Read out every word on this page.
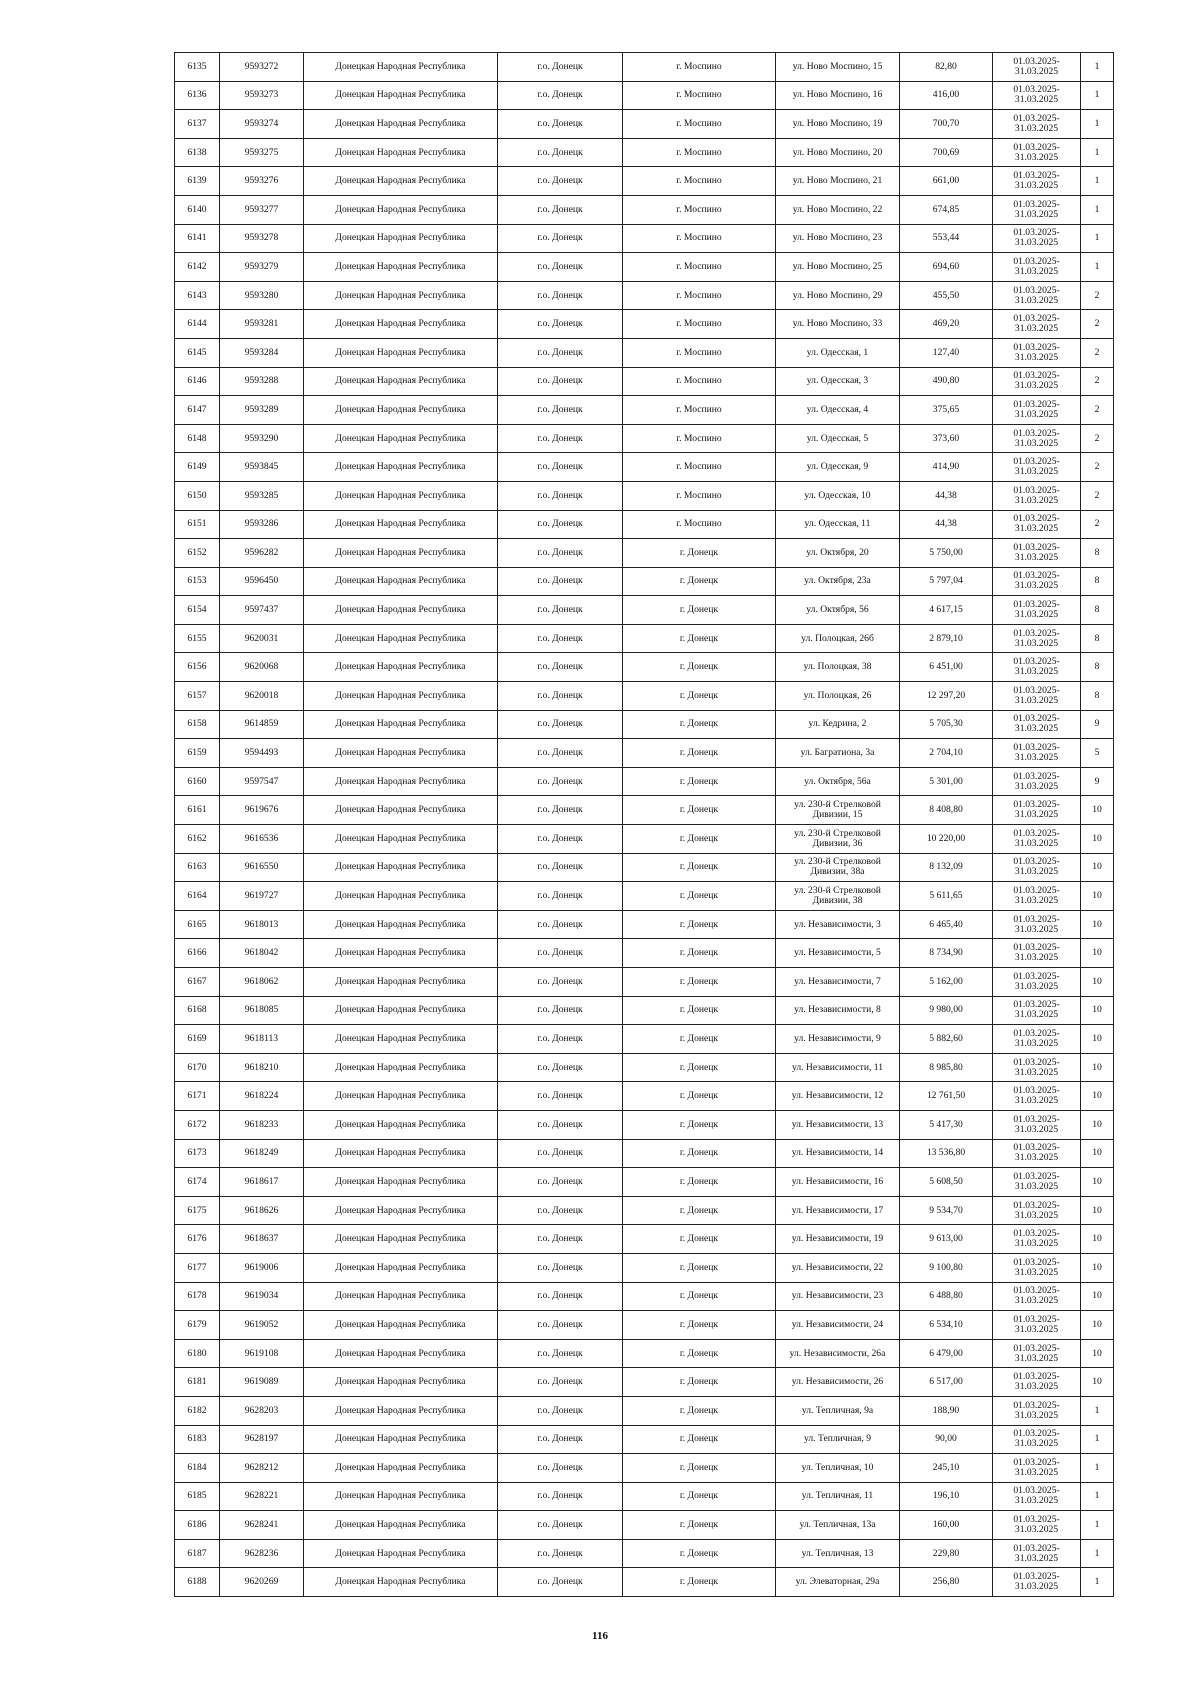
6135	9593272	Донецкая Народная Республика	г.о. Донецк	г. Моспино	ул. Ново Моспино, 15	82,80	01.03.2025- 31.03.2025	1
6136	9593273	Донецкая Народная Республика	г.о. Донецк	г. Моспино	ул. Ново Моспино, 16	416,00	01.03.2025- 31.03.2025	1
6137	9593274	Донецкая Народная Республика	г.о. Донецк	г. Моспино	ул. Ново Моспино, 19	700,70	01.03.2025- 31.03.2025	1
6138	9593275	Донецкая Народная Республика	г.о. Донецк	г. Моспино	ул. Ново Моспино, 20	700,69	01.03.2025- 31.03.2025	1
6139	9593276	Донецкая Народная Республика	г.о. Донецк	г. Моспино	ул. Ново Моспино, 21	661,00	01.03.2025- 31.03.2025	1
6140	9593277	Донецкая Народная Республика	г.о. Донецк	г. Моспино	ул. Ново Моспино, 22	674,85	01.03.2025- 31.03.2025	1
6141	9593278	Донецкая Народная Республика	г.о. Донецк	г. Моспино	ул. Ново Моспино, 23	553,44	01.03.2025- 31.03.2025	1
6142	9593279	Донецкая Народная Республика	г.о. Донецк	г. Моспино	ул. Ново Моспино, 25	694,60	01.03.2025- 31.03.2025	1
6143	9593280	Донецкая Народная Республика	г.о. Донецк	г. Моспино	ул. Ново Моспино, 29	455,50	01.03.2025- 31.03.2025	2
6144	9593281	Донецкая Народная Республика	г.о. Донецк	г. Моспино	ул. Ново Моспино, 33	469,20	01.03.2025- 31.03.2025	2
6145	9593284	Донецкая Народная Республика	г.о. Донецк	г. Моспино	ул. Одесская, 1	127,40	01.03.2025- 31.03.2025	2
6146	9593288	Донецкая Народная Республика	г.о. Донецк	г. Моспино	ул. Одесская, 3	490,80	01.03.2025- 31.03.2025	2
6147	9593289	Донецкая Народная Республика	г.о. Донецк	г. Моспино	ул. Одесская, 4	375,65	01.03.2025- 31.03.2025	2
6148	9593290	Донецкая Народная Республика	г.о. Донецк	г. Моспино	ул. Одесская, 5	373,60	01.03.2025- 31.03.2025	2
6149	9593845	Донецкая Народная Республика	г.о. Донецк	г. Моспино	ул. Одесская, 9	414,90	01.03.2025- 31.03.2025	2
6150	9593285	Донецкая Народная Республика	г.о. Донецк	г. Моспино	ул. Одесская, 10	44,38	01.03.2025- 31.03.2025	2
6151	9593286	Донецкая Народная Республика	г.о. Донецк	г. Моспино	ул. Одесская, 11	44,38	01.03.2025- 31.03.2025	2
6152	9596282	Донецкая Народная Республика	г.о. Донецк	г. Донецк	ул. Октября, 20	5 750,00	01.03.2025- 31.03.2025	8
6153	9596450	Донецкая Народная Республика	г.о. Донецк	г. Донецк	ул. Октября, 23а	5 797,04	01.03.2025- 31.03.2025	8
6154	9597437	Донецкая Народная Республика	г.о. Донецк	г. Донецк	ул. Октября, 56	4 617,15	01.03.2025- 31.03.2025	8
6155	9620031	Донецкая Народная Республика	г.о. Донецк	г. Донецк	ул. Полоцкая, 26б	2 879,10	01.03.2025- 31.03.2025	8
6156	9620068	Донецкая Народная Республика	г.о. Донецк	г. Донецк	ул. Полоцкая, 38	6 451,00	01.03.2025- 31.03.2025	8
6157	9620018	Донецкая Народная Республика	г.о. Донецк	г. Донецк	ул. Полоцкая, 26	12 297,20	01.03.2025- 31.03.2025	8
6158	9614859	Донецкая Народная Республика	г.о. Донецк	г. Донецк	ул. Кедрина, 2	5 705,30	01.03.2025- 31.03.2025	9
6159	9594493	Донецкая Народная Республика	г.о. Донецк	г. Донецк	ул. Багратиона, 3а	2 704,10	01.03.2025- 31.03.2025	5
6160	9597547	Донецкая Народная Республика	г.о. Донецк	г. Донецк	ул. Октября, 56а	5 301,00	01.03.2025- 31.03.2025	9
6161	9619676	Донецкая Народная Республика	г.о. Донецк	г. Донецк	ул. 230-й Стрелковой Дивизии, 15	8 408,80	01.03.2025- 31.03.2025	10
6162	9616536	Донецкая Народная Республика	г.о. Донецк	г. Донецк	ул. 230-й Стрелковой Дивизии, 36	10 220,00	01.03.2025- 31.03.2025	10
6163	9616550	Донецкая Народная Республика	г.о. Донецк	г. Донецк	ул. 230-й Стрелковой Дивизии, 38а	8 132,09	01.03.2025- 31.03.2025	10
6164	9619727	Донецкая Народная Республика	г.о. Донецк	г. Донецк	ул. 230-й Стрелковой Дивизии, 38	5 611,65	01.03.2025- 31.03.2025	10
6165	9618013	Донецкая Народная Республика	г.о. Донецк	г. Донецк	ул. Независимости, 3	6 465,40	01.03.2025- 31.03.2025	10
6166	9618042	Донецкая Народная Республика	г.о. Донецк	г. Донецк	ул. Независимости, 5	8 734,90	01.03.2025- 31.03.2025	10
6167	9618062	Донецкая Народная Республика	г.о. Донецк	г. Донецк	ул. Независимости, 7	5 162,00	01.03.2025- 31.03.2025	10
6168	9618085	Донецкая Народная Республика	г.о. Донецк	г. Донецк	ул. Независимости, 8	9 980,00	01.03.2025- 31.03.2025	10
6169	9618113	Донецкая Народная Республика	г.о. Донецк	г. Донецк	ул. Независимости, 9	5 882,60	01.03.2025- 31.03.2025	10
6170	9618210	Донецкая Народная Республика	г.о. Донецк	г. Донецк	ул. Независимости, 11	8 985,80	01.03.2025- 31.03.2025	10
6171	9618224	Донецкая Народная Республика	г.о. Донецк	г. Донецк	ул. Независимости, 12	12 761,50	01.03.2025- 31.03.2025	10
6172	9618233	Донецкая Народная Республика	г.о. Донецк	г. Донецк	ул. Независимости, 13	5 417,30	01.03.2025- 31.03.2025	10
6173	9618249	Донецкая Народная Республика	г.о. Донецк	г. Донецк	ул. Независимости, 14	13 536,80	01.03.2025- 31.03.2025	10
6174	9618617	Донецкая Народная Республика	г.о. Донецк	г. Донецк	ул. Независимости, 16	5 608,50	01.03.2025- 31.03.2025	10
6175	9618626	Донецкая Народная Республика	г.о. Донецк	г. Донецк	ул. Независимости, 17	9 534,70	01.03.2025- 31.03.2025	10
6176	9618637	Донецкая Народная Республика	г.о. Донецк	г. Донецк	ул. Независимости, 19	9 613,00	01.03.2025- 31.03.2025	10
6177	9619006	Донецкая Народная Республика	г.о. Донецк	г. Донецк	ул. Независимости, 22	9 100,80	01.03.2025- 31.03.2025	10
6178	9619034	Донецкая Народная Республика	г.о. Донецк	г. Донецк	ул. Независимости, 23	6 488,80	01.03.2025- 31.03.2025	10
6179	9619052	Донецкая Народная Республика	г.о. Донецк	г. Донецк	ул. Независимости, 24	6 534,10	01.03.2025- 31.03.2025	10
6180	9619108	Донецкая Народная Республика	г.о. Донецк	г. Донецк	ул. Независимости, 26а	6 479,00	01.03.2025- 31.03.2025	10
6181	9619089	Донецкая Народная Республика	г.о. Донецк	г. Донецк	ул. Независимости, 26	6 517,00	01.03.2025- 31.03.2025	10
6182	9628203	Донецкая Народная Республика	г.о. Донецк	г. Донецк	ул. Тепличная, 9а	188,90	01.03.2025- 31.03.2025	1
6183	9628197	Донецкая Народная Республика	г.о. Донецк	г. Донецк	ул. Тепличная, 9	90,00	01.03.2025- 31.03.2025	1
6184	9628212	Донецкая Народная Республика	г.о. Донецк	г. Донецк	ул. Тепличная, 10	245,10	01.03.2025- 31.03.2025	1
6185	9628221	Донецкая Народная Республика	г.о. Донецк	г. Донецк	ул. Тепличная, 11	196,10	01.03.2025- 31.03.2025	1
6186	9628241	Донецкая Народная Республика	г.о. Донецк	г. Донецк	ул. Тепличная, 13а	160,00	01.03.2025- 31.03.2025	1
6187	9628236	Донецкая Народная Республика	г.о. Донецк	г. Донецк	ул. Тепличная, 13	229,80	01.03.2025- 31.03.2025	1
6188	9620269	Донецкая Народная Республика	г.о. Донецк	г. Донецк	ул. Элеваторная, 29а	256,80	01.03.2025- 31.03.2025	1
116
